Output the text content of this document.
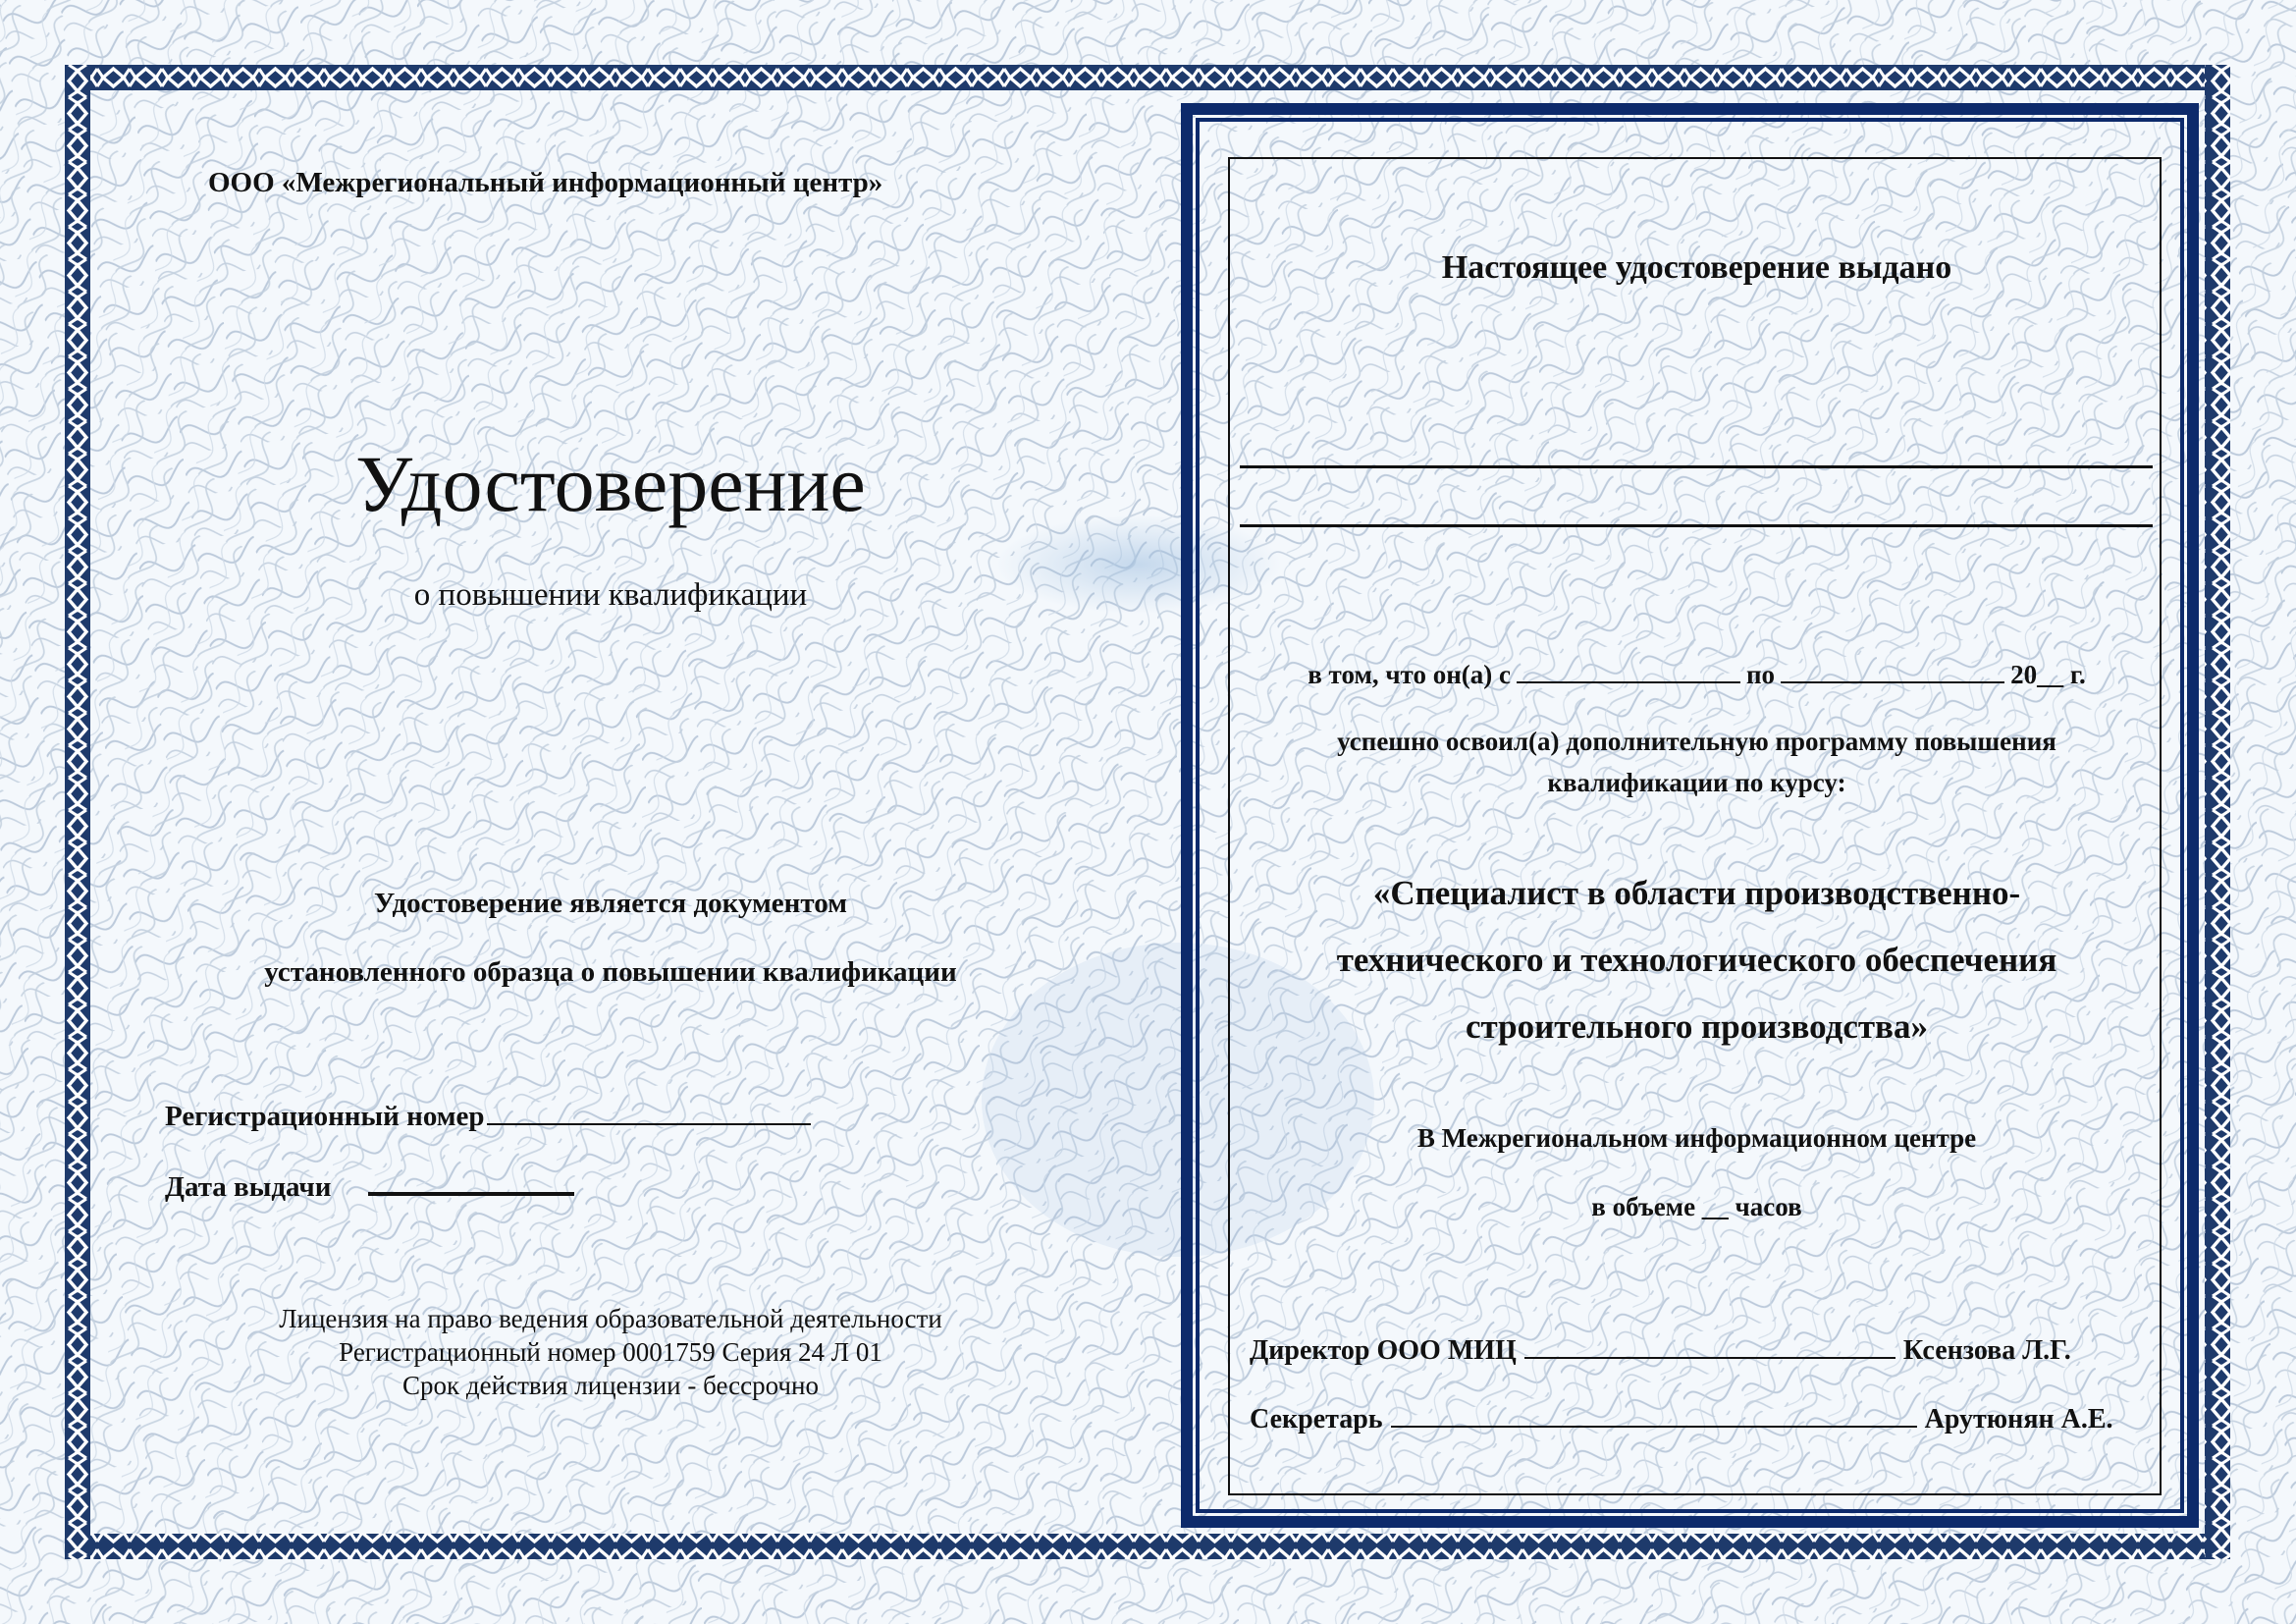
ООО «Межрегиональный информационный центр»
Удостоверение
о повышении квалификации
Удостоверение является документом
установленного образца о повышении квалификации
Регистрационный номер
Дата выдачи
Лицензия на право ведения образовательной деятельности
Регистрационный номер 0001759 Серия 24 Л 01
Срок действия лицензии - бессрочно
Настоящее удостоверение выдано
в том, что он(а) с	по	20__ г.
успешно освоил(а) дополнительную программу повышения
квалификации по курсу:
«Специалист в области производственно-
технического и технологического обеспечения
строительного производства»
В Межрегиональном информационном центре
в объеме __ часов
Директор ООО МИЦ	Ксензова Л.Г.
Секретарь	Арутюнян А.Е.
